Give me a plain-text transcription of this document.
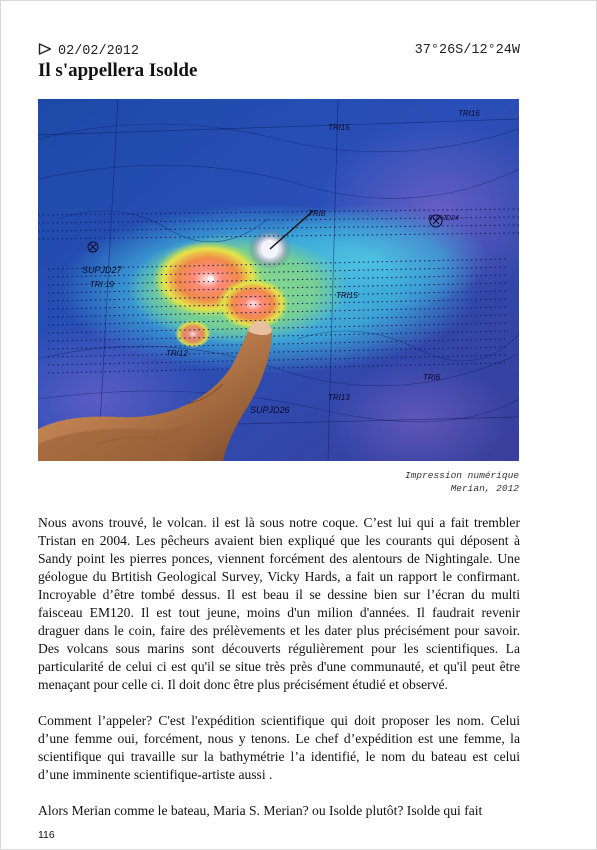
02/02/2012	37°26S/12°24W
Il s'appellera Isolde
TRI15
TRI8
SUPJD24
TRI16
SUPJD27
TRI 19
TRI15
TRI12
TRI13
TRI6
SUPJD26
Impression numérique
Merian, 2012

Nous avons trouvé, le volcan. il est là sous notre coque. C’est lui qui a fait trembler Tristan en 2004. Les pêcheurs avaient bien expliqué que les courants qui déposent à Sandy point les pierres ponces, viennent forcément des alentours de Nightingale. Une géologue du Brtitish Geological Survey, Vicky Hards, a fait un rapport le confirmant. Incroyable d’être tombé dessus. Il est beau il se dessine bien sur l’écran du multi faisceau EM120. Il est tout jeune, moins d'un milion d'années. Il faudrait revenir draguer dans le coin, faire des prélèvements et les dater plus précisément pour savoir. Des volcans sous marins sont découverts régulièrement pour les scientifiques. La particularité de celui ci est qu'il se situe très près d'une communauté, et qu'il peut être menaçant pour celle ci. Il doit donc être plus précisément étudié et observé.

Comment l’appeler? C'est l'expédition scientifique qui doit proposer les nom. Celui d’une femme oui, forcément, nous y tenons. Le chef d’expédition est une femme, la scientifique qui travaille sur la bathymétrie l’a identifié, le nom du bateau est celui d’une imminente scientifique-artiste aussi .

Alors Merian comme le bateau, Maria S. Merian? ou Isolde plutôt? Isolde qui fait

116
